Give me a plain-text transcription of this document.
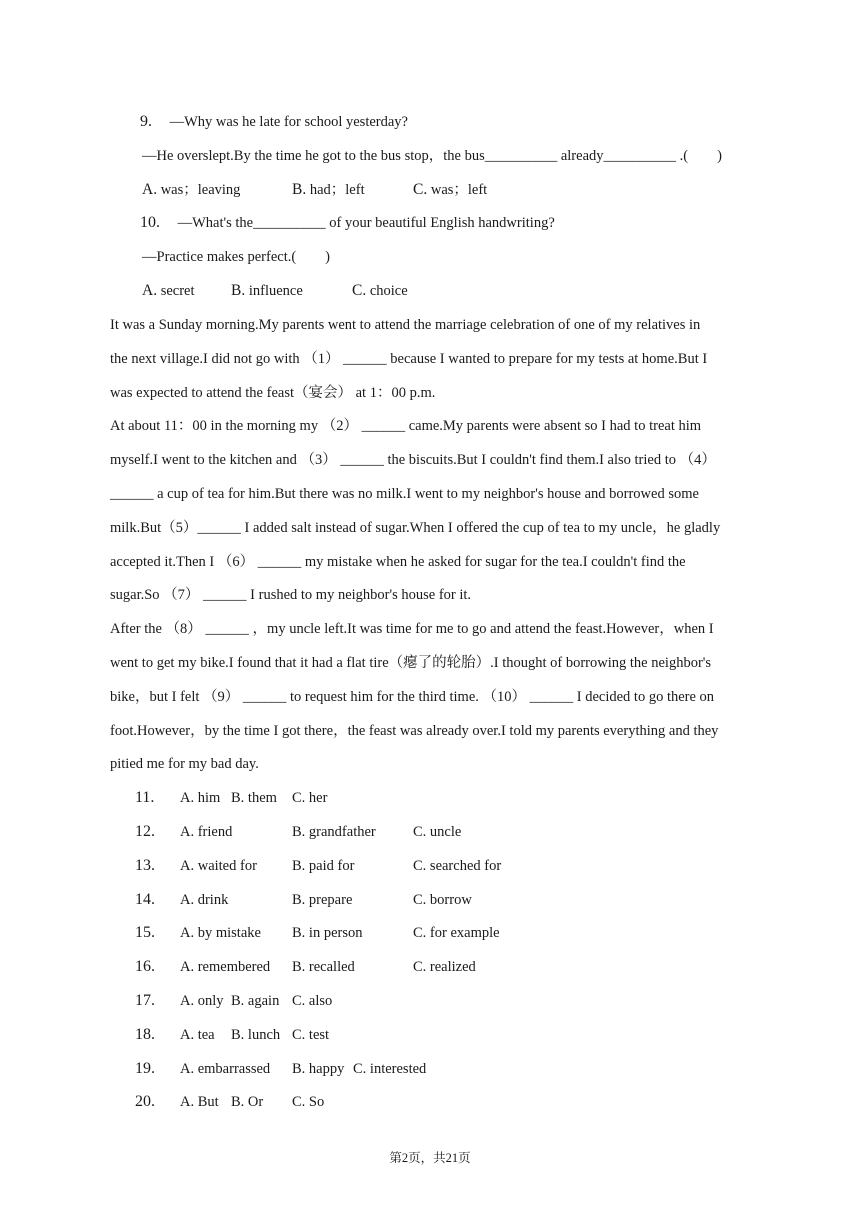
9. —Why was he late for school yesterday?
—He overslept.By the time he got to the bus stop，the bus__________ already__________ .(　　)
A. was；leaving	B. had；left	C. was；left
10. —What's the__________ of your beautiful English handwriting?
—Practice makes perfect.(　　)
A. secret B. influence	C. choice
It was a Sunday morning.My parents went to attend the marriage celebration of one of my relatives in
the next village.I did not go with （1） ______ because I wanted to prepare for my tests at home.But I
was expected to attend the feast（宴会） at 1：00 p.m.
At about 11：00 in the morning my （2） ______ came.My parents were absent so I had to treat him
myself.I went to the kitchen and （3） ______ the biscuits.But I couldn't find them.I also tried to （4）
______ a cup of tea for him.But there was no milk.I went to my neighbor's house and borrowed some
milk.But（5）______ I added salt instead of sugar.When I offered the cup of tea to my uncle，he gladly
accepted it.Then I （6） ______ my mistake when he asked for sugar for the tea.I couldn't find the
sugar.So （7） ______ I rushed to my neighbor's house for it.
After the （8） ______ ，my uncle left.It was time for me to go and attend the feast.However，when I
went to get my bike.I found that it had a flat tire（瘪了的轮胎）.I thought of borrowing the neighbor's
bike，but I felt （9） ______ to request him for the third time. （10） ______ I decided to go there on
foot.However，by the time I got there，the feast was already over.I told my parents everything and they
pitied me for my bad day.
11. A. him B. them C. her
12. A. friend	B. grandfather	C. uncle
13. A. waited for B. paid for	C. searched for
14. A. drink	B. prepare	C. borrow
15. A. by mistake B. in person	C. for example
16. A. remembered B. recalled	C. realized
17. A. only B. again C. also
18. A. tea B. lunch C. test
19. A. embarrassed B. happy C. interested
20. A. But B. Or C. So
第2页，共21页
